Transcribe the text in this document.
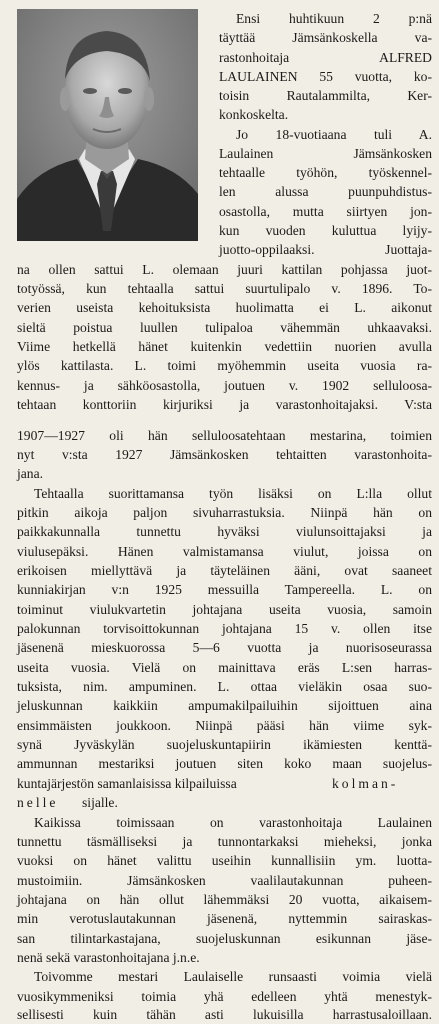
Ensi huhtikuun 2 p:nä

täyttää Jämsänkoskella va-

rastonhoitaja ALFRED

LAULAINEN 55 vuotta, ko-

toisin Rautalammilta, Ker-

konkoskelta.

Jo 18-vuotiaana tuli A.

Laulainen Jämsänkosken

tehtaalle työhön, työskennel-

len alussa puunpuhdistus-

osastolla, mutta siirtyen jon-

kun vuoden kuluttua lyijy-

juotto-oppilaaksi. Juottaja-

na ollen sattui L. olemaan juuri kattilan pohjassa juot-

totyössä, kun tehtaalla sattui suurtulipalo v. 1896. To-

verien useista kehoituksista huolimatta ei L. aikonut

sieltä poistua luullen tulipaloa vähemmän uhkaavaksi.

Viime hetkellä hänet kuitenkin vedettiin nuorien avulla

ylös kattilasta. L. toimi myöhemmin useita vuosia ra-

kennus- ja sähköosastolla, joutuen v. 1902 selluloosa-

tehtaan konttoriin kirjuriksi ja varastonhoitajaksi. V:sta

1907—1927 oli hän selluloosatehtaan mestarina, toimien

nyt v:sta 1927 Jämsänkosken tehtaitten varastonhoita-

jana.

Tehtaalla suorittamansa työn lisäksi on L:lla ollut

pitkin aikoja paljon sivuharrastuksia. Niinpä hän on

paikkakunnalla tunnettu hyväksi viulunsoittajaksi ja

viulusepäksi. Hänen valmistamansa viulut, joissa on

erikoisen miellyttävä ja täyteläinen ääni, ovat saaneet

kunniakirjan v:n 1925 messuilla Tampereella. L. on

toiminut viulukvartetin johtajana useita vuosia, samoin

palokunnan torvisoittokunnan johtajana 15 v. ollen itse

jäsenenä mieskuorossa 5—6 vuotta ja nuorisoseurassa

useita vuosia. Vielä on mainittava eräs L:sen harras-

tuksista, nim. ampuminen. L. ottaa vieläkin osaa suo-

jeluskunnan kaikkiin ampumakilpailuihin sijoittuen aina

ensimmäisten joukkoon. Niinpä pääsi hän viime syk-

synä Jyväskylän suojeluskuntapiirin ikämiesten kenttä-

ammunnan mestariksi joutuen siten koko maan suojelus-

kuntajärjestön samanlaisissa kilpailuissa	kolman-

nelle	sijalle.

Kaikissa toimissaan on varastonhoitaja Laulainen

tunnettu täsmälliseksi ja tunnontarkaksi mieheksi, jonka

vuoksi on hänet valittu useihin kunnallisiin ym. luotta-

mustoimiin. Jämsänkosken vaalilautakunnan puheen-

johtajana on hän ollut lähemmäksi 20 vuotta, aikaisem-

min verotuslautakunnan jäsenenä, nyttemmin sairaskas-

san tilintarkastajana, suojeluskunnan esikunnan jäse-

nenä sekä varastonhoitajana j.n.e.

Toivomme mestari Laulaiselle runsaasti voimia vielä

vuosikymmeniksi toimia yhä edelleen yhtä menestyk-

sellisesti kuin tähän asti lukuisilla harrastusaloillaan.
